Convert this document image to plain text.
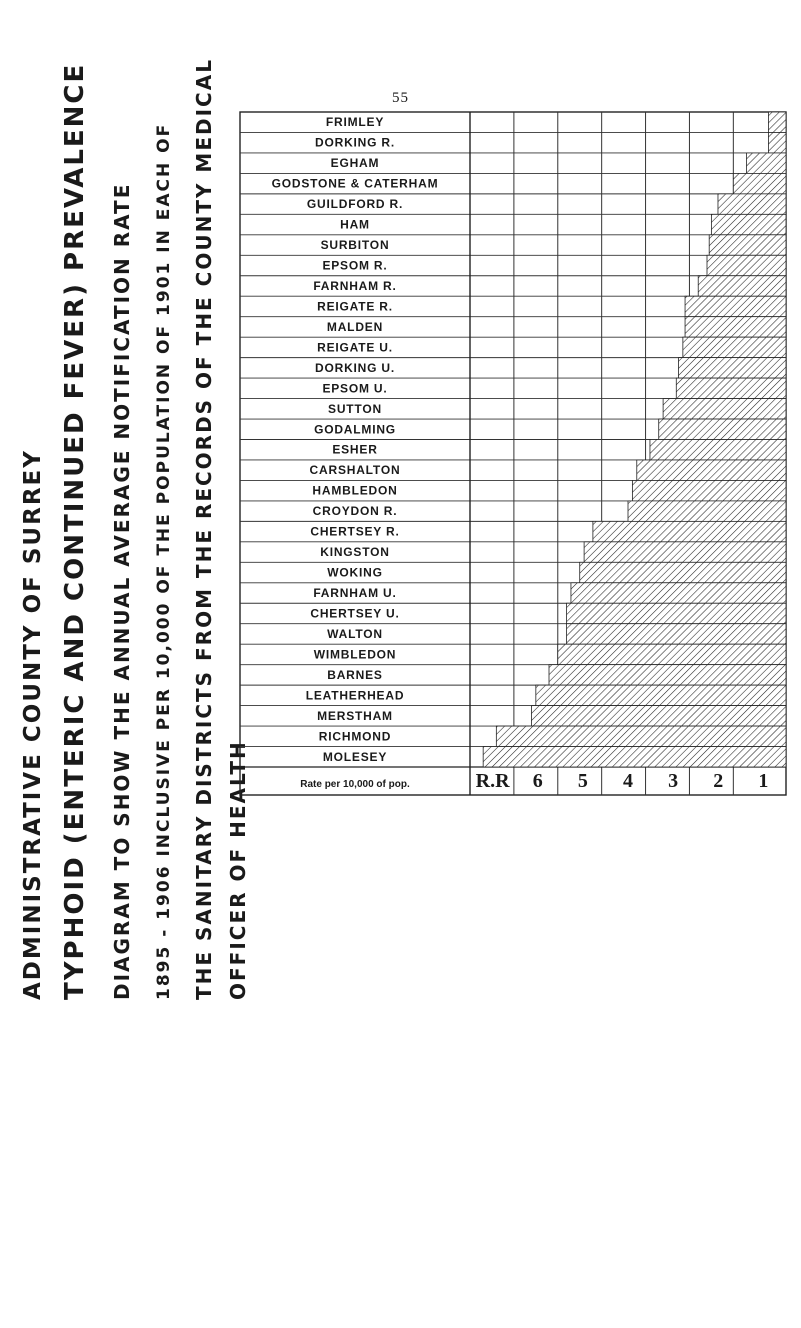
55
ADMINISTRATIVE COUNTY OF SURREY TYPHOID (ENTERIC AND CONTINUED FEVER) PREVALENCE DIAGRAM TO SHOW THE ANNUAL AVERAGE NOTIFICATION RATE 1895 - 1906 INCLUSIVE PER 10,000 OF THE POPULATION OF 1901 IN EACH OF THE SANITARY DISTRICTS FROM THE RECORDS OF THE COUNTY MEDICAL OFFICER OF HEALTH
FRIMLEY
DORKING R.
EGHAM
GODSTONE & CATERHAM
GUILDFORD R.
HAM
SURBITON
EPSOM R.
FARNHAM R.
REIGATE R.
MALDEN
REIGATE U.
DORKING U.
EPSOM U.
SUTTON
GODALMING
ESHER
CARSHALTON
HAMBLEDON
CROYDON R.
CHERTSEY R.
KINGSTON
WOKING
FARNHAM U.
CHERTSEY U.
WALTON
WIMBLEDON
BARNES
LEATHERHEAD
MERSTHAM
RICHMOND
MOLESEY
Rate per 10,000 of pop.	R.R 6 5 4 3 2 1
